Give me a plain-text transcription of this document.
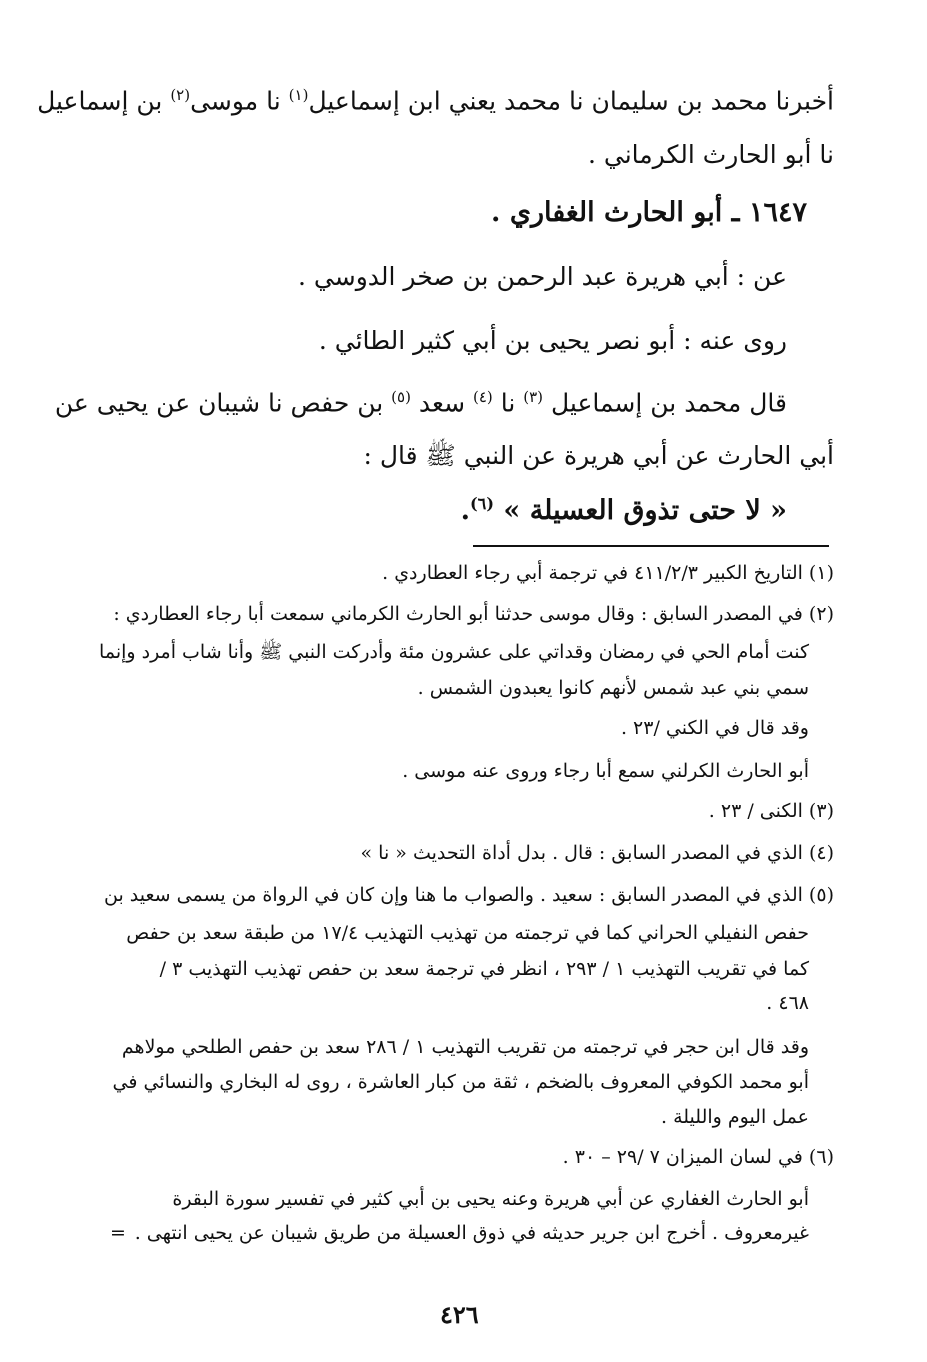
أخبرنا محمد بن سليمان نا محمد يعني ابن إسماعيل$^{(١)}$ نا موسى$^{(٢)}$ بن إسماعيل
نا أبو الحارث الكرماني .
١٦٤٧ ـ أبو الحارث الغفاري .
عن : أبي هريرة عبد الرحمن بن صخر الدوسي .
روى عنه : أبو نصر يحيى بن أبي كثير الطائي .
قال محمد بن إسماعيل $^{(٣)}$ نا $^{(٤)}$ سعد $^{(٥)}$ بن حفص نا شيبان عن يحيى عن
أبي الحارث عن أبي هريرة عن النبي ﷺ قال :
« لا حتى تذوق العسيلة » $^{(٦)}$.
(١) التاريخ الكبير ٤١١/٢/٣ في ترجمة أبي رجاء العطاردي .
(٢) في المصدر السابق : وقال موسى حدثنا أبو الحارث الكرماني سمعت أبا رجاء العطاردي :
كنت أمام الحي في رمضان وقداتي على عشرون مئة وأدركت النبي ﷺ وأنا شاب أمرد وإنما
سمي بني عبد شمس لأنهم كانوا يعبدون الشمس .
وقد قال في الكني /٢٣ .
أبو الحارث الكرلني سمع أبا رجاء وروى عنه موسى .
(٣) الكنى / ٢٣ .
(٤) الذي في المصدر السابق : قال . بدل أداة التحديث « نا »
(٥) الذي في المصدر السابق : سعيد . والصواب ما هنا وإن كان في الرواة من يسمى سعيد بن
حفص النفيلي الحراني كما في ترجمته من تهذيب التهذيب ١٧/٤ من طبقة سعد بن حفص
كما في تقريب التهذيب ١ / ٢٩٣ ، انظر في ترجمة سعد بن حفص تهذيب التهذيب ٣ /
٤٦٨ .
وقد قال ابن حجر في ترجمته من تقريب التهذيب ١ / ٢٨٦ سعد بن حفص الطلحي مولاهم
أبو محمد الكوفي المعروف بالضخم ، ثقة من كبار العاشرة ، روى له البخاري والنسائي في
عمل اليوم والليلة .
(٦) في لسان الميزان ٧ /٢٩ – ٣٠ .
أبو الحارث الغفاري عن أبي هريرة وعنه يحيى بن أبي كثير في تفسير سورة البقرة
غيرمعروف . أخرج ابن جرير حديثه في ذوق العسيلة من طريق شيبان عن يحيى انتهى .
=
٤٢٦
